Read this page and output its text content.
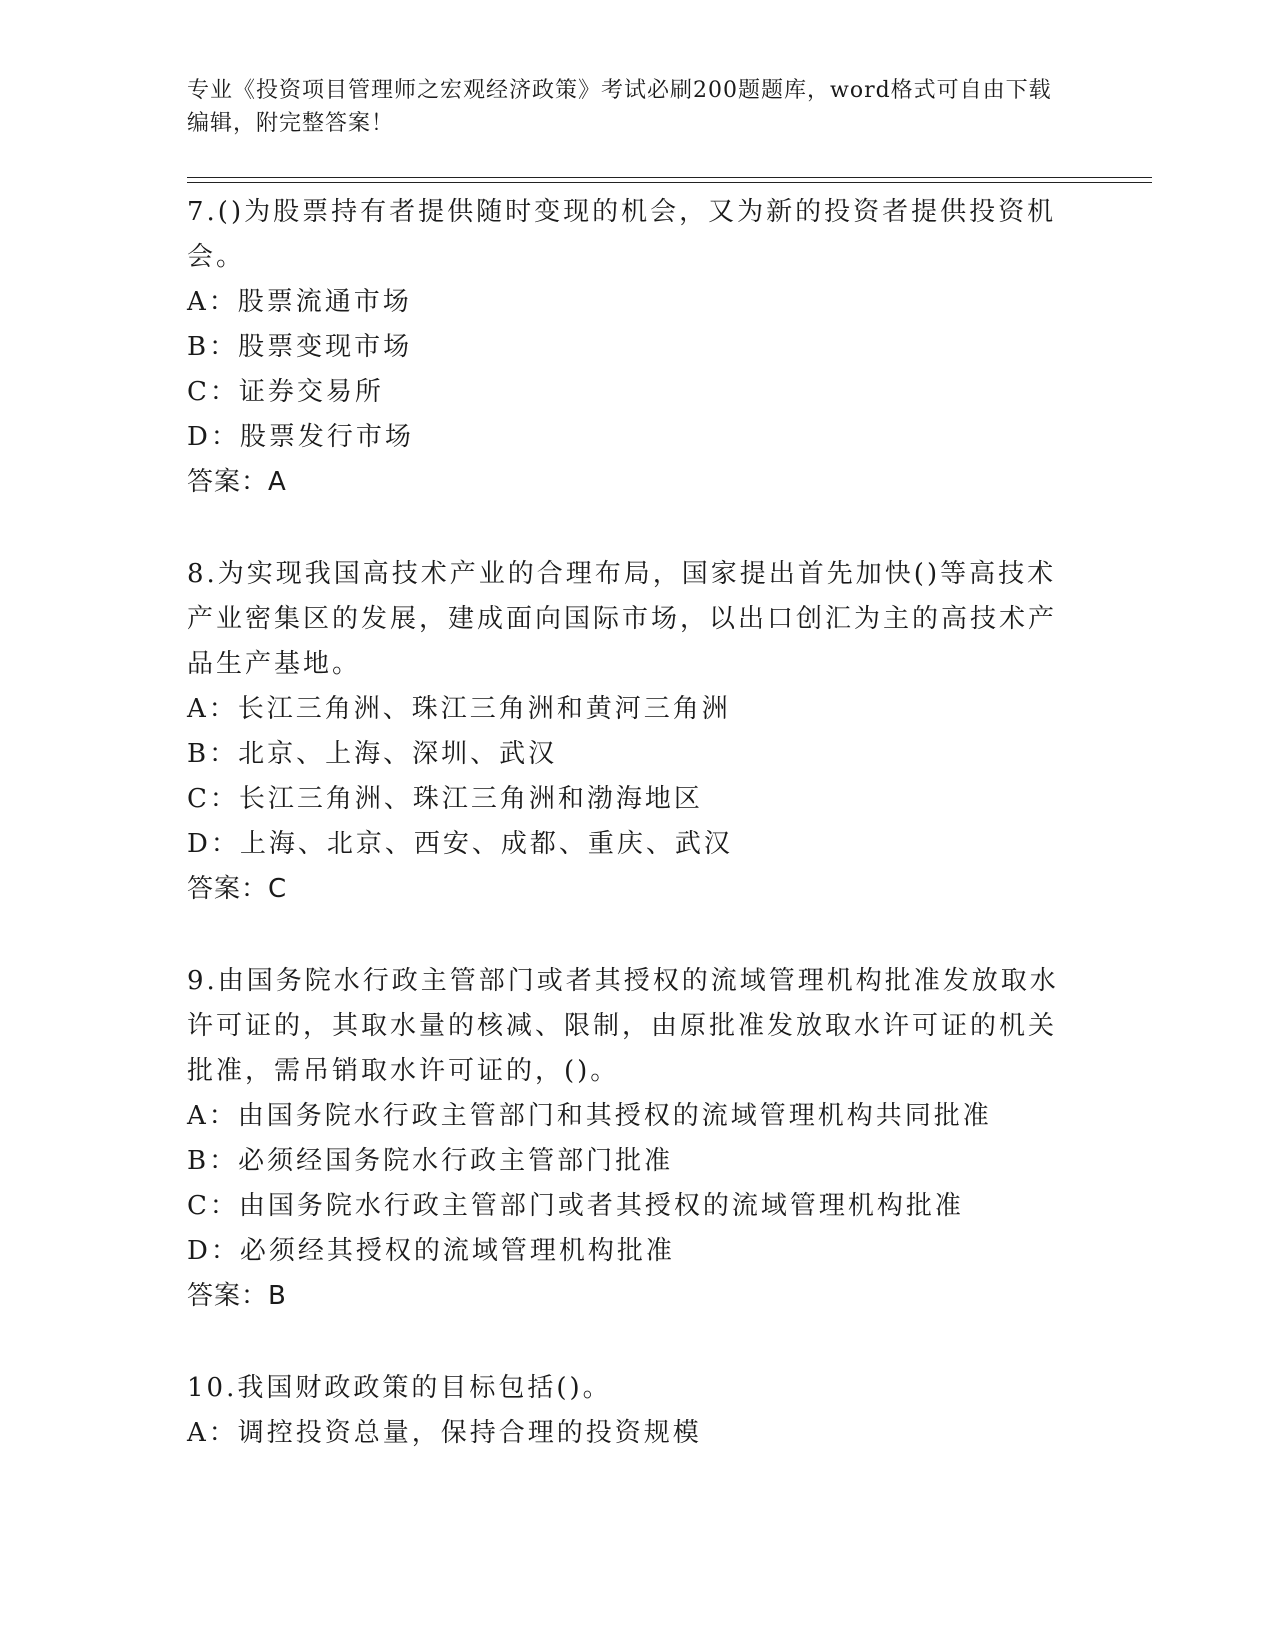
专业《投资项目管理师之宏观经济政策》考试必刷200题题库，word格式可自由下载编辑，附完整答案！
7.()为股票持有者提供随时变现的机会，又为新的投资者提供投资机会。
A：股票流通市场
B：股票变现市场
C：证券交易所
D：股票发行市场
答案：A
8.为实现我国高技术产业的合理布局，国家提出首先加快()等高技术产业密集区的发展，建成面向国际市场，以出口创汇为主的高技术产品生产基地。
A：长江三角洲、珠江三角洲和黄河三角洲
B：北京、上海、深圳、武汉
C：长江三角洲、珠江三角洲和渤海地区
D：上海、北京、西安、成都、重庆、武汉
答案：C
9.由国务院水行政主管部门或者其授权的流域管理机构批准发放取水许可证的，其取水量的核减、限制，由原批准发放取水许可证的机关批准，需吊销取水许可证的，()。
A：由国务院水行政主管部门和其授权的流域管理机构共同批准
B：必须经国务院水行政主管部门批准
C：由国务院水行政主管部门或者其授权的流域管理机构批准
D：必须经其授权的流域管理机构批准
答案：B
10.我国财政政策的目标包括()。
A：调控投资总量，保持合理的投资规模
